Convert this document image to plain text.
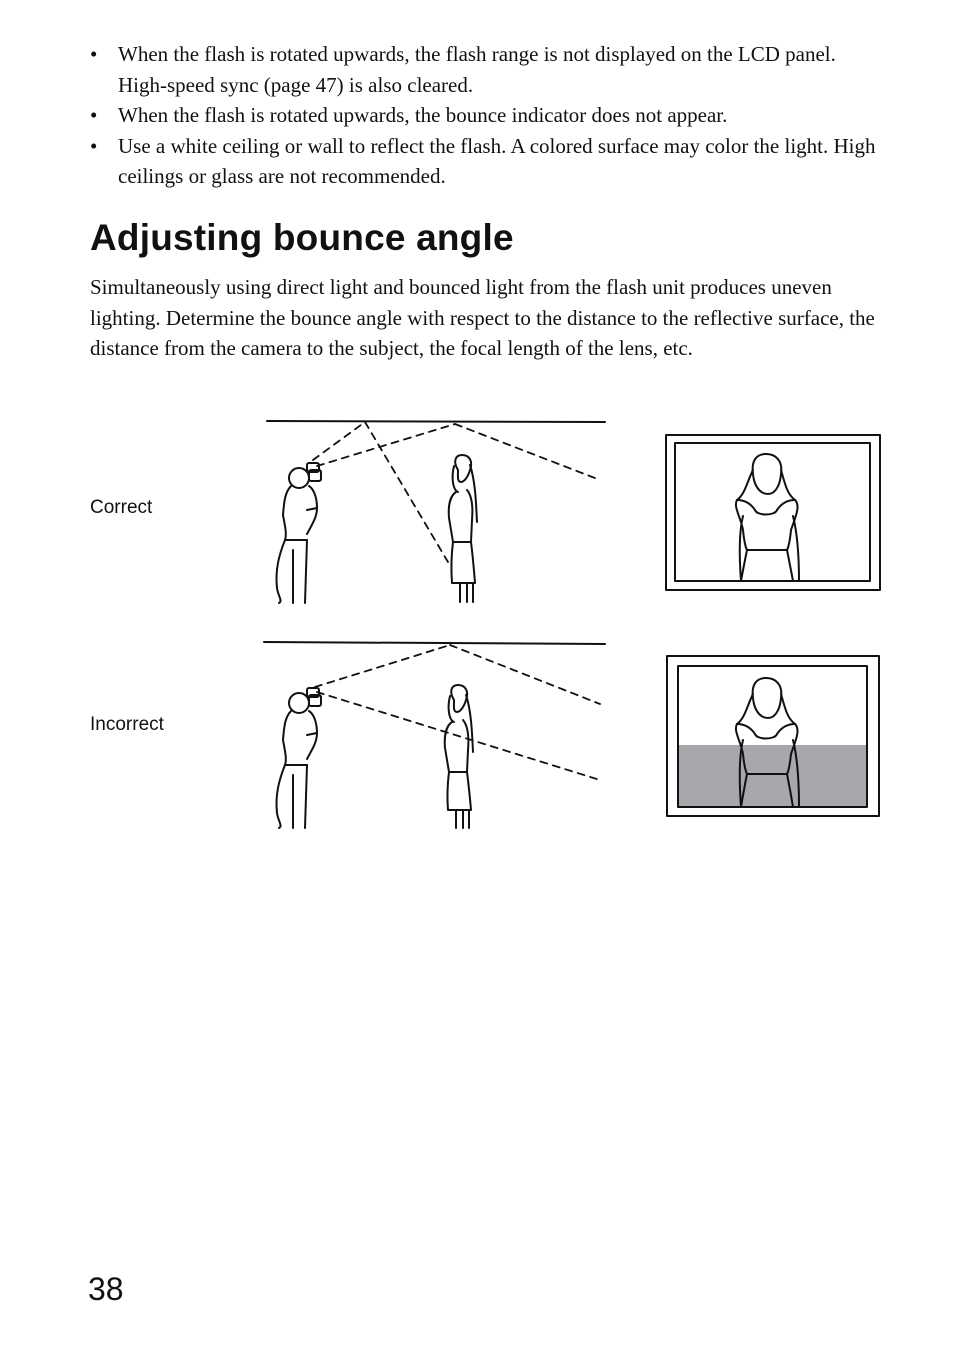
• When the flash is rotated upwards, the flash range is not displayed on the LCD panel. High-speed sync (page 47) is also cleared.
• When the flash is rotated upwards, the bounce indicator does not appear.
• Use a white ceiling or wall to reflect the flash. A colored surface may color the light. High ceilings or glass are not recommended.
Adjusting bounce angle

Simultaneously using direct light and bounced light from the flash unit produces uneven lighting. Determine the bounce angle with respect to the distance to the reflective surface, the distance from the camera to the subject, the focal length of the lens, etc.

Correct
Incorrect
38
